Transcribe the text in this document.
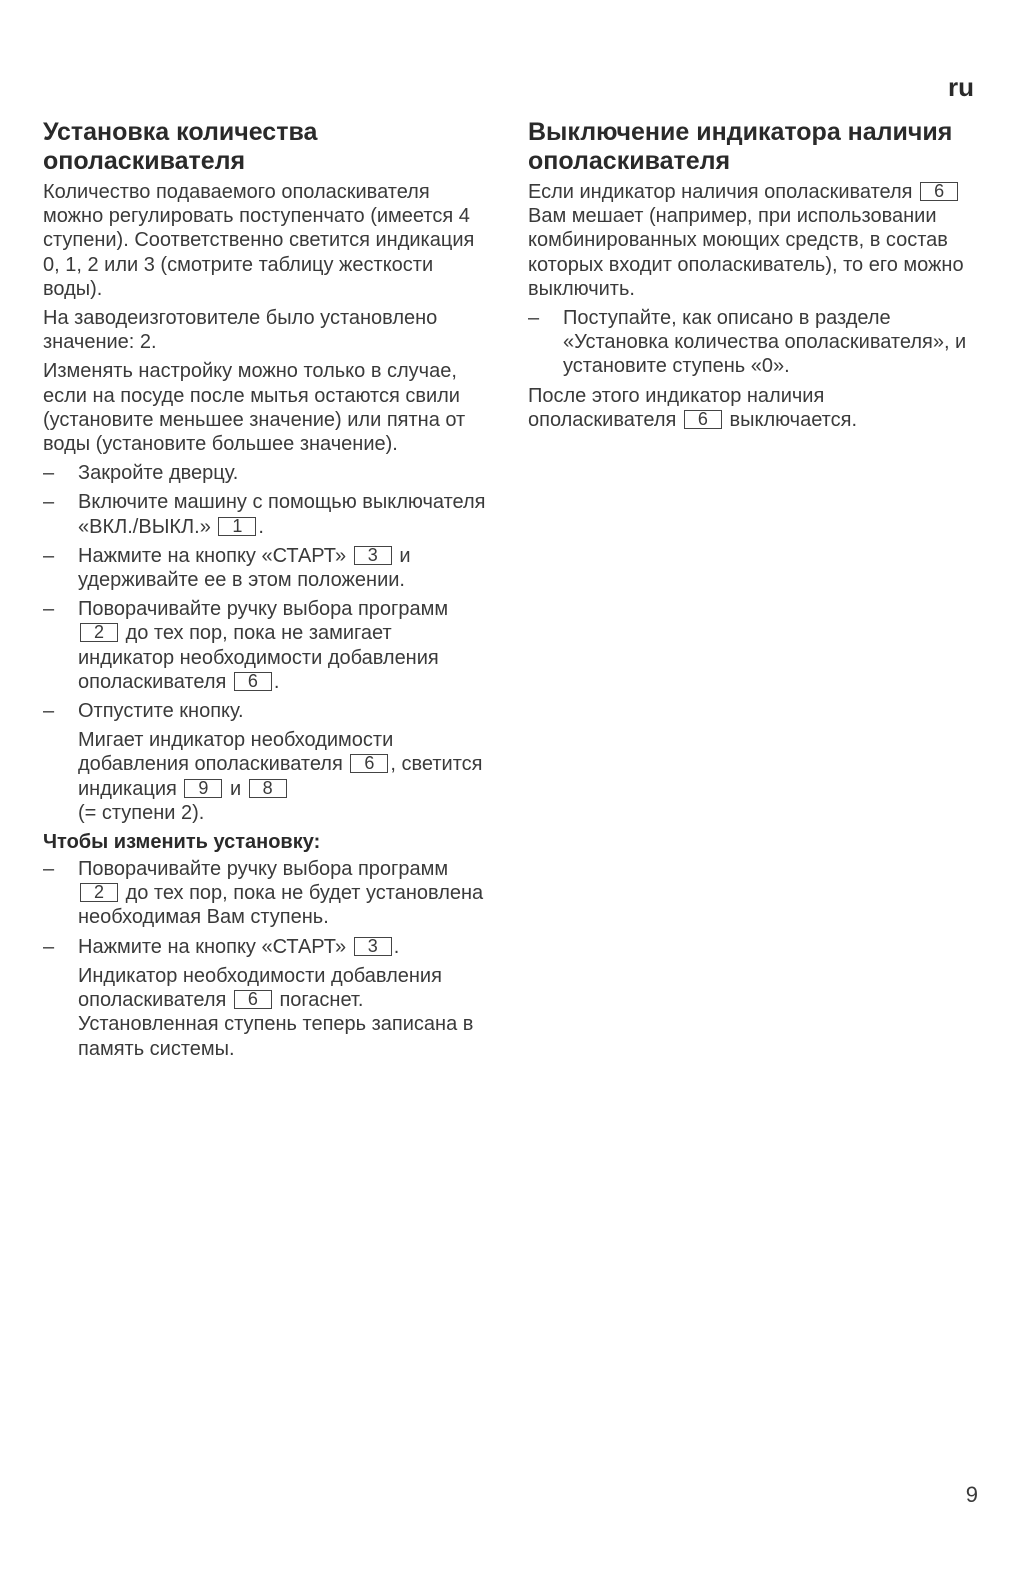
ru
Установка количества ополаскивателя

Количество подаваемого ополаскивателя можно регулировать поступенчато (имеется 4 ступени). Соответственно светится индикация 0, 1, 2 или 3 (смотрите таблицу жесткости воды).

На заводеизготовителе было установлено значение: 2.

Изменять настройку можно только в случае, если на посуде после мытья остаются свили (установите меньшее значение) или пятна от воды (установите большее значение).

– Закройте дверцу.
– Включите машину с помощью выключателя «ВКЛ./ВЫКЛ.» 1 .
– Нажмите на кнопку «СТАРТ» 3 и удерживайте ее в этом положении.
– Поворачивайте ручку выбора программ 2 до тех пор, пока не замигает индикатор необходимости добавления ополаскивателя 6 .
– Отпустите кнопку.
Мигает индикатор необходимости добавления ополаскивателя 6 , светится индикация 9 и 8
(= ступени 2).
Чтобы изменить установку:
– Поворачивайте ручку выбора программ 2 до тех пор, пока не будет установлена необходимая Вам ступень.
– Нажмите на кнопку «СТАРТ» 3 .
Индикатор необходимости добавления ополаскивателя 6 погаснет. Установленная ступень теперь записана в память системы.
Выключение индикатора наличия ополаскивателя

Если индикатор наличия ополаскивателя 6 Вам мешает (например, при использовании комбинированных моющих средств, в состав которых входит ополаскиватель), то его можно выключить.

– Поступайте, как описано в разделе «Установка количества ополаскивателя», и установите ступень «0».

После этого индикатор наличия ополаскивателя 6 выключается.

9
